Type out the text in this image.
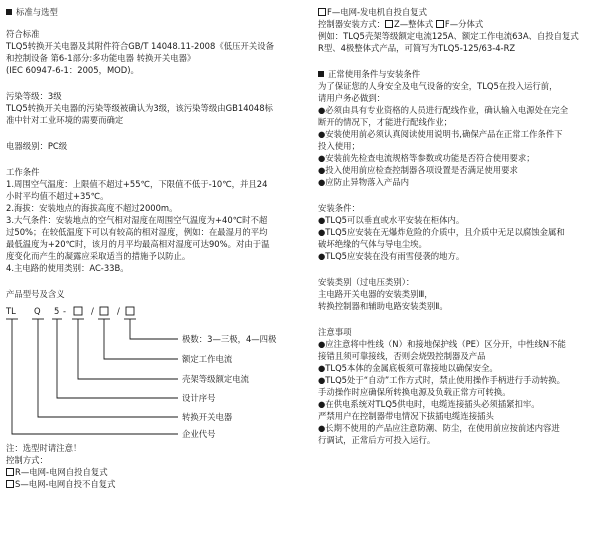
标准与选型
符合标准
TLQ5转换开关电器及其附件符合GB/T 14048.11-2008《低压开关设备
和控制设备 第6-1部分:多功能电器 转换开关电器》
(IEC 60947-6-1：2005，MOD)。
污染等级：3级
TLQ5转换开关电器的污染等级被确认为3级，该污染等级由GB14048标
准中针对工业环境的需要而确定
电器级别：PC级
工作条件
1.周围空气温度：上限值不超过+55℃，下限值不低于-10℃，并且24
小时平均值不超过+35℃。
2.海拔：安装地点的海拔高度不超过2000m。
3.大气条件：安装地点的空气相对湿度在周围空气温度为+40℃时不超
过50%；在较低温度下可以有较高的相对湿度，例如：在最湿月的平均
最低温度为+20℃时，该月的月平均最高相对湿度可达90%。对由于温
度变化而产生的凝露应采取适当的措施予以防止。
4.主电路的使用类别：AC-33B。
产品型号及含义
TL Q 5 -	/	/
极数：3—三极，4—四极
额定工作电流
壳架等级额定电流
设计序号
转换开关电器
企业代号
注：选型时请注意！
控制方式：
R—电网-电网自投自复式
S—电网-电网自投不自复式
F—电网-发电机自投自复式
控制器安装方式： Z—整体式 F—分体式
例如：TLQ5壳架等级额定电流125A、额定工作电流63A、自投自复式
R型、4极整体式产品，可简写为TLQ5-125/63-4-RZ
正常使用条件与安装条件
为了保证您的人身安全及电气设备的安全，TLQ5在投入运行前，
请用户务必做到：
●必须由具有专业资格的人员进行配线作业，确认输入电源处在完全
断开的情况下，才能进行配线作业；
●安装使用前必须认真阅读使用说明书,确保产品在正常工作条件下
投入使用；
●安装前先检查电流规格等参数或功能是否符合使用要求；
●投入使用前应检查控制器各项设置是否满足使用要求
●应防止异物落入产品内
安装条件：
●TLQ5可以垂直或水平安装在柜体内。
●TLQ5应安装在无爆炸危险的介质中，且介质中无足以腐蚀金属和
破坏绝缘的气体与导电尘埃。
●TLQ5应安装在没有雨雪侵袭的地方。
安装类别（过电压类别）：
主电路开关电器的安装类别Ⅲ，
转换控制器和辅助电路安装类别Ⅱ。
注意事项
●应注意将中性线（N）和接地保护线（PE）区分开，中性线N不能
接错且须可靠接线，否则会烧毁控制器及产品
●TLQ5本体的金属底板须可靠接地以确保安全。
●TLQ5处于“自动”工作方式时，禁止使用操作手柄进行手动转换。
手动操作时应确保所转换电源及负载正常方可转换。
●在供电系统对TLQ5供电时，电缆连接插头必须插紧扣牢。
严禁用户在控制器带电情况下拔插电缆连接插头
●长期不使用的产品应注意防潮、防尘，在使用前应按前述内容进
行调试，正常后方可投入运行。
